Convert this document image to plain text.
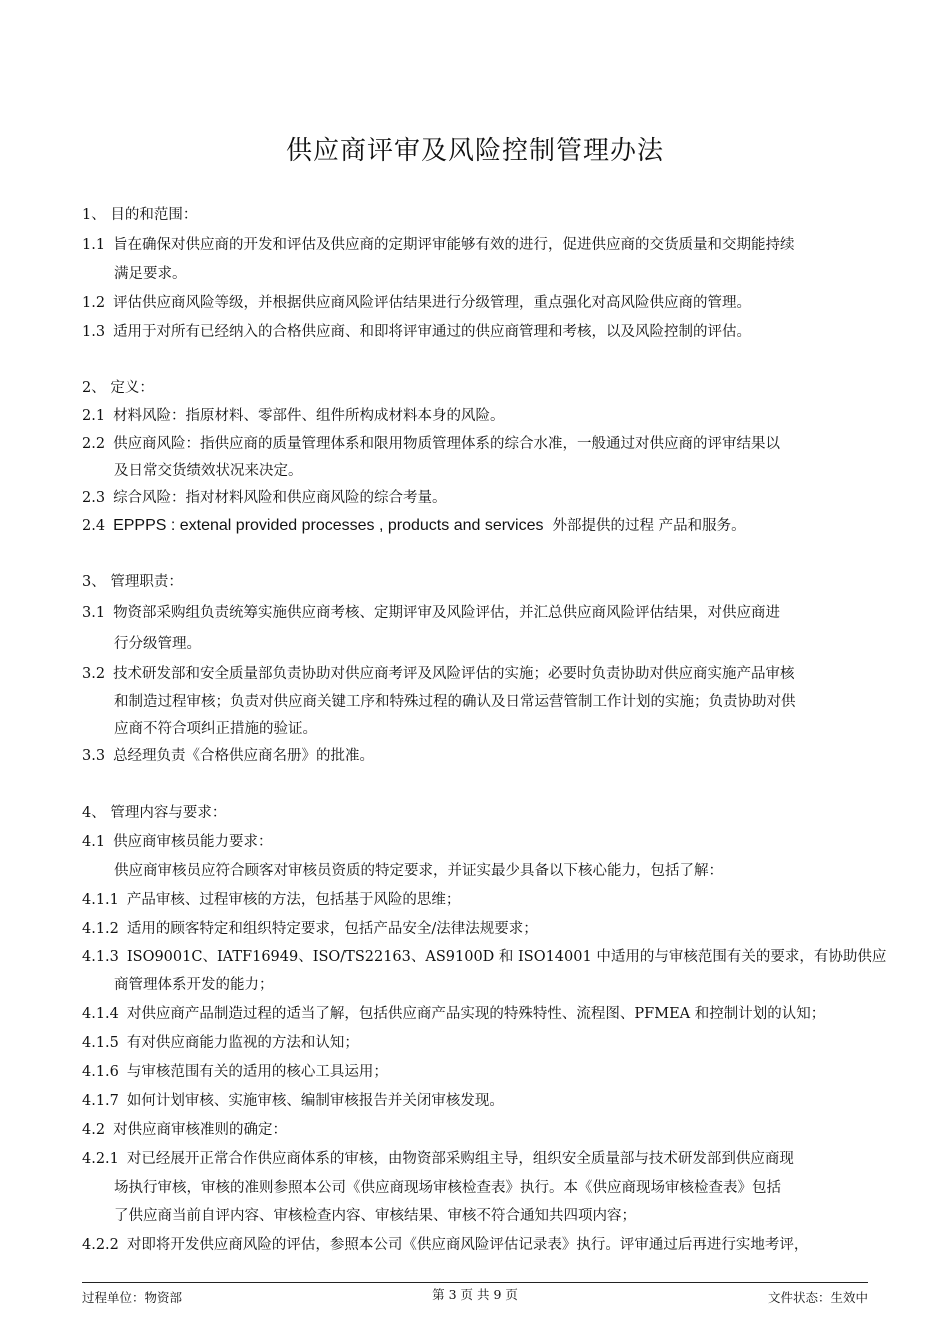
供应商评审及风险控制管理办法
1、 目的和范围：
1.1 旨在确保对供应商的开发和评估及供应商的定期评审能够有效的进行，促进供应商的交货质量和交期能持续
满足要求。
1.2 评估供应商风险等级，并根据供应商风险评估结果进行分级管理，重点强化对高风险供应商的管理。
1.3 适用于对所有已经纳入的合格供应商、和即将评审通过的供应商管理和考核，以及风险控制的评估。
2、 定义：
2.1 材料风险：指原材料、零部件、组件所构成材料本身的风险。
2.2 供应商风险：指供应商的质量管理体系和限用物质管理体系的综合水准，一般通过对供应商的评审结果以
及日常交货绩效状况来决定。
2.3 综合风险：指对材料风险和供应商风险的综合考量。
2.4 EPPPS : extenal provided processes , products and services 外部提供的过程 产品和服务。
3、 管理职责：
3.1 物资部采购组负责统筹实施供应商考核、定期评审及风险评估，并汇总供应商风险评估结果，对供应商进
行分级管理。
3.2 技术研发部和安全质量部负责协助对供应商考评及风险评估的实施；必要时负责协助对供应商实施产品审核
和制造过程审核；负责对供应商关键工序和特殊过程的确认及日常运营管制工作计划的实施；负责协助对供
应商不符合项纠正措施的验证。
3.3 总经理负责《合格供应商名册》的批准。
4、 管理内容与要求：
4.1 供应商审核员能力要求：
供应商审核员应符合顾客对审核员资质的特定要求，并证实最少具备以下核心能力，包括了解：
4.1.1 产品审核、过程审核的方法，包括基于风险的思维；
4.1.2 适用的顾客特定和组织特定要求，包括产品安全/法律法规要求；
4.1.3 ISO9001C、IATF16949、ISO/TS22163、AS9100D 和 ISO14001 中适用的与审核范围有关的要求，有协助供应
商管理体系开发的能力；
4.1.4 对供应商产品制造过程的适当了解，包括供应商产品实现的特殊特性、流程图、PFMEA 和控制计划的认知；
4.1.5 有对供应商能力监视的方法和认知；
4.1.6 与审核范围有关的适用的核心工具运用；
4.1.7 如何计划审核、实施审核、编制审核报告并关闭审核发现。
4.2 对供应商审核准则的确定：
4.2.1 对已经展开正常合作供应商体系的审核，由物资部采购组主导，组织安全质量部与技术研发部到供应商现
场执行审核，审核的准则参照本公司《供应商现场审核检查表》执行。本《供应商现场审核检查表》包括
了供应商当前自评内容、审核检查内容、审核结果、审核不符合通知共四项内容；
4.2.2 对即将开发供应商风险的评估，参照本公司《供应商风险评估记录表》执行。评审通过后再进行实地考评，
过程单位：物资部	第 3 页 共 9 页	文件状态：生效中
